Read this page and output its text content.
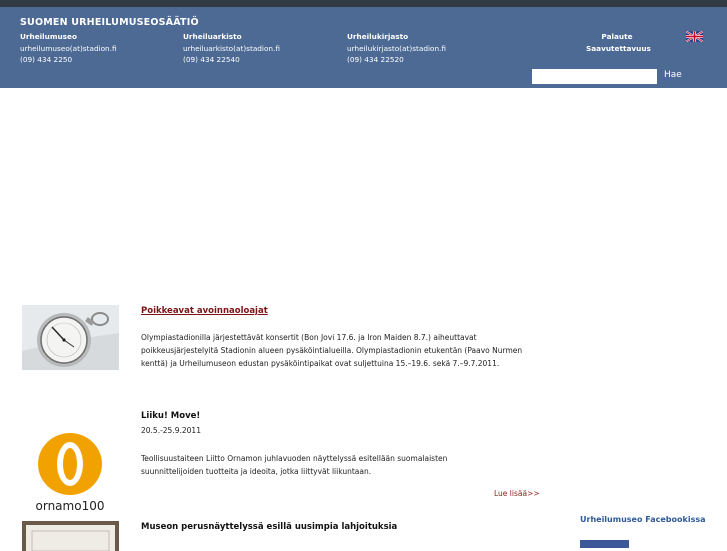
SUOMEN URHEILUMUSEOSÄÄTIÖ
Urheilumuseo
urheilumuseo(at)stadion.fi
(09) 434 2250
Urheiluarkisto
urheiluarkisto(at)stadion.fi
(09) 434 22540
Urheilukirjasto
urheilukirjasto(at)stadion.fi
(09) 434 22520
Palaute
Saavutettavuus
Hae
Poikkeavat avoinnaoloajat
Olympiastadionilla järjestettävät konsertit (Bon Jovi 17.6. ja Iron Maiden 8.7.) aiheuttavat
poikkeusjärjestelyitä Stadionin alueen pysäköintialueilla. Olympiastadionin etukentän (Paavo Nurmen
kenttä) ja Urheilumuseon edustan pysäköintipaikat ovat suljettuina 15.–19.6. sekä 7.–9.7.2011.
ornamo100
Liiku! Move!
20.5.-25.9.2011
Teollisuustaiteen Liitto Ornamon juhlavuoden näyttelyssä esitellään suomalaisten
suunnittelijoiden tuotteita ja ideoita, jotka liittyvät liikuntaan.
Lue lisää>>
Museon perusnäyttelyssä esillä uusimpia lahjoituksia
Urheilumuseo Facebookissa
